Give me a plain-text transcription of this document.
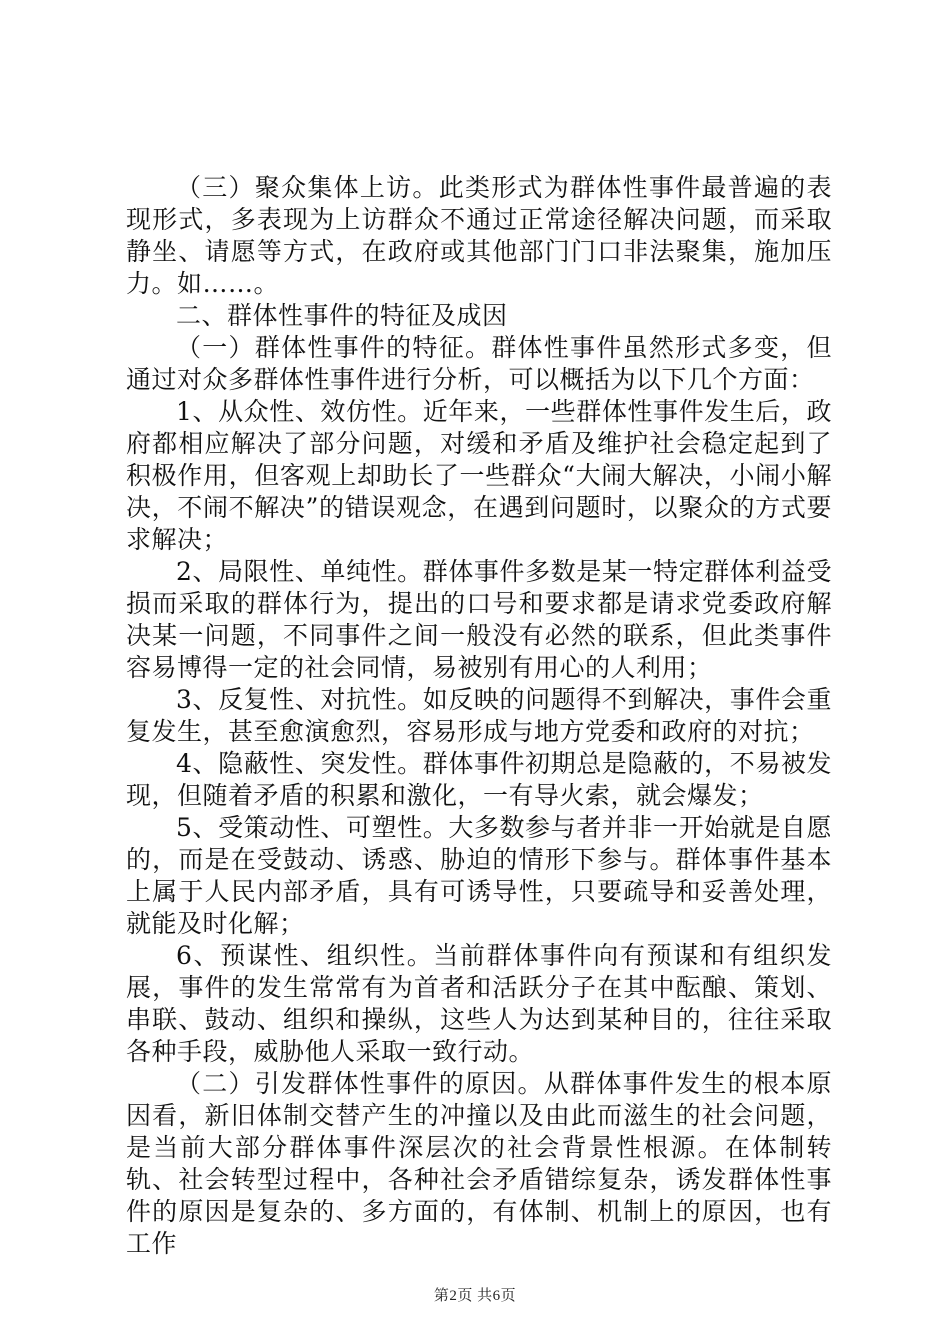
（三）聚众集体上访。此类形式为群体性事件最普遍的表现形式，多表现为上访群众不通过正常途径解决问题，而采取静坐、请愿等方式，在政府或其他部门门口非法聚集，施加压力。如……。

二、群体性事件的特征及成因

（一）群体性事件的特征。群体性事件虽然形式多变，但通过对众多群体性事件进行分析，可以概括为以下几个方面：

1、从众性、效仿性。近年来，一些群体性事件发生后，政府都相应解决了部分问题，对缓和矛盾及维护社会稳定起到了积极作用，但客观上却助长了一些群众“大闹大解决，小闹小解决，不闹不解决”的错误观念，在遇到问题时，以聚众的方式要求解决；

2、局限性、单纯性。群体事件多数是某一特定群体利益受损而采取的群体行为，提出的口号和要求都是请求党委政府解决某一问题，不同事件之间一般没有必然的联系，但此类事件容易博得一定的社会同情，易被别有用心的人利用；

3、反复性、对抗性。如反映的问题得不到解决，事件会重复发生，甚至愈演愈烈，容易形成与地方党委和政府的对抗；

4、隐蔽性、突发性。群体事件初期总是隐蔽的，不易被发现，但随着矛盾的积累和激化，一有导火索，就会爆发；

5、受策动性、可塑性。大多数参与者并非一开始就是自愿的，而是在受鼓动、诱惑、胁迫的情形下参与。群体事件基本上属于人民内部矛盾，具有可诱导性，只要疏导和妥善处理，就能及时化解；

6、预谋性、组织性。当前群体事件向有预谋和有组织发展，事件的发生常常有为首者和活跃分子在其中酝酿、策划、串联、鼓动、组织和操纵，这些人为达到某种目的，往往采取各种手段，威胁他人采取一致行动。

（二）引发群体性事件的原因。从群体事件发生的根本原因看，新旧体制交替产生的冲撞以及由此而滋生的社会问题，是当前大部分群体事件深层次的社会背景性根源。在体制转轨、社会转型过程中，各种社会矛盾错综复杂，诱发群体性事件的原因是复杂的、多方面的，有体制、机制上的原因，也有工作

第2页 共6页
